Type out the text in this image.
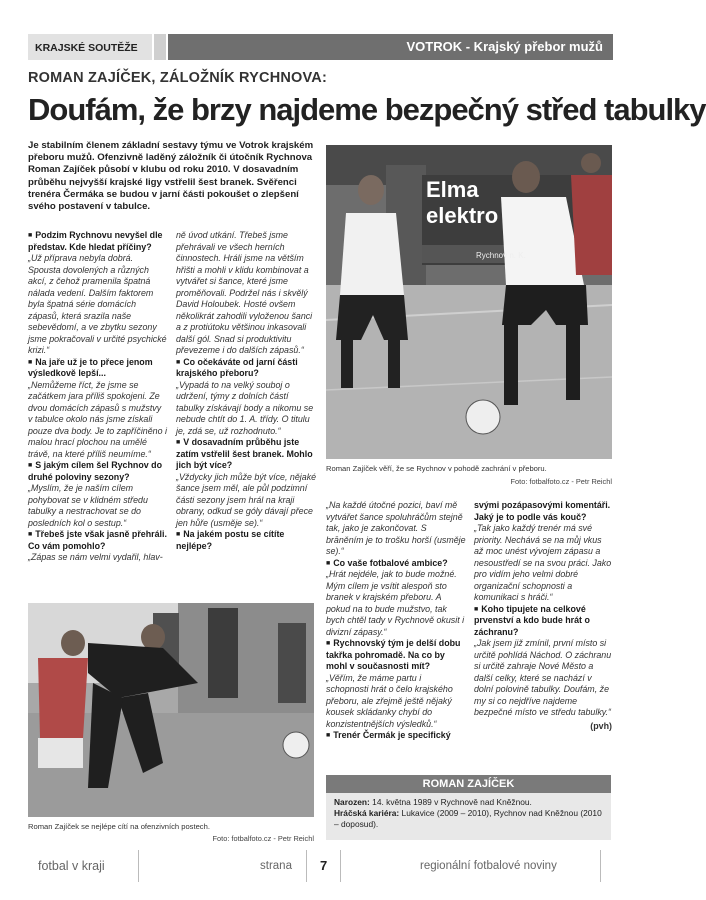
KRAJSKÉ SOUTĚŽE	VOTROK - Krajský přebor mužů
ROMAN ZAJÍČEK, ZÁLOŽNÍK RYCHNOVA:
Doufám, že brzy najdeme bezpečný střed tabulky
Je stabilním členem základní sestavy týmu ve Votrok krajském přeboru mužů. Ofenzivně laděný záložník či útočník Rychnova Roman Zajíček působí v klubu od roku 2010. V dosavadním průběhu nejvyšší krajské ligy vstřelil šest branek. Svěřenci trenéra Čermáka se budou v jarní části pokoušet o zlepšení svého postavení v tabulce.

■ Podzim Rychnovu nevyšel dle představ. Kde hledat příčiny?

„Už příprava nebyla dobrá. Spousta dovolených a různých akcí, z čehož pramenila špatná nálada vedení. Dalším faktorem byla špatná série domácích zápasů, která srazila naše sebevědomí, a ve zbytku sezony jsme pokračovali v určité psychické krizi.“

■ Na jaře už je to přece jenom výsledkově lepší...

„Nemůžeme říct, že jsme se začátkem jara příliš spokojeni. Ze dvou domácích zápasů s mužstvy v tabulce okolo nás jsme získali pouze dva body. Je to zapříčiněno i malou hrací plochou na umělé trávě, na které příliš neumíme.“

■ S jakým cílem šel Rychnov do druhé poloviny sezony?

„Myslím, že je naším cílem pohybovat se v klidném středu tabulky a nestrachovat se do posledních kol o sestup.“

■ Třebeš jste však jasně přehráli. Co vám pomohlo?

„Zápas se nám velmi vydařil, hlav-

ně úvod utkání. Třebeš jsme přehrávali ve všech herních činnostech. Hráli jsme na větším hřišti a mohli v klidu kombinovat a vytvářet si šance, které jsme proměňovali. Podržel nás i skvělý David Holoubek. Hosté ovšem několikrát zahodili vyloženou šanci a z protiútoku většinou inkasovali další gól. Snad si produktivitu převezeme i do dalších zápasů.“

■ Co očekáváte od jarní části krajského přeboru?

„Vypadá to na velký souboj o udržení, týmy z dolních částí tabulky získávají body a nikomu se nebude chtít do 1. A. třídy. O titulu je, zdá se, už rozhodnuto.“

■ V dosavadním průběhu jste zatím vstřelil šest branek. Mohlo jich být více?

„Vždycky jich může být více, nějaké šance jsem měl, ale půl podzimní části sezony jsem hrál na kraji obrany, odkud se góly dávají přece jen hůře (usměje se).“

■ Na jakém postu se cítíte nejlépe?

„Na každé útočné pozici, baví mě vytvářet šance spoluhráčům stejně tak, jako je zakončovat. S brāněním je to trošku horší (usměje se).“

■ Co vaše fotbalové ambice?

„Hrát nejdéle, jak to bude možné. Mým cílem je vsítit alespoň sto branek v krajském přeboru. A pokud na to bude mužstvo, tak bych chtěl tady v Rychnově okusit i divizní zápasy.“

■ Rychnovský tým je delší dobu takřka pohromadě. Na co by mohl v současnosti mít?

„Věřím, že máme partu i schopnosti hrát o čelo krajského přeboru, ale zřejmě ještě nějaký kousek skládanky chybí do konzistentnějších výsledků.“

■ Trenér Čermák je specifický

svými pozápasovými komentáři. Jaký je to podle vás kouč?

„Tak jako každý trenér má své priority. Nechává se na můj vkus až moc unést vývojem zápasu a nesoustředí se na svou práci. Jako pro vidím jeho velmi dobré organizační schopnosti a komunikaci s hráči.“

■ Koho tipujete na celkové prvenství a kdo bude hrát o záchranu?

„Jak jsem již zmínil, první místo si určitě pohlídá Náchod. O záchranu si určitě zahraje Nové Město a další celky, které se nachází v dolní polovině tabulky. Doufám, že my si co nejdříve najdeme bezpečné místo ve středu tabulky.“

(pvh)

Elma
elektro
Rychnov n. K.
Roman Zajíček věří, že se Rychnov v pohodě zachrání v přeboru.
Foto: fotbalfoto.cz - Petr Reichl
Roman Zajíček se nejlépe cítí na ofenzivních postech.
Foto: fotbalfoto.cz - Petr Reichl
ROMAN ZAJÍČEK
Narozen: 14. května 1989 v Rychnově nad Kněžnou.
Hráčská kariéra: Lukavice (2009 – 2010), Rychnov nad Kněžnou (2010 – doposud).
fotbal v kraji	strana 7	regionální fotbalové noviny
